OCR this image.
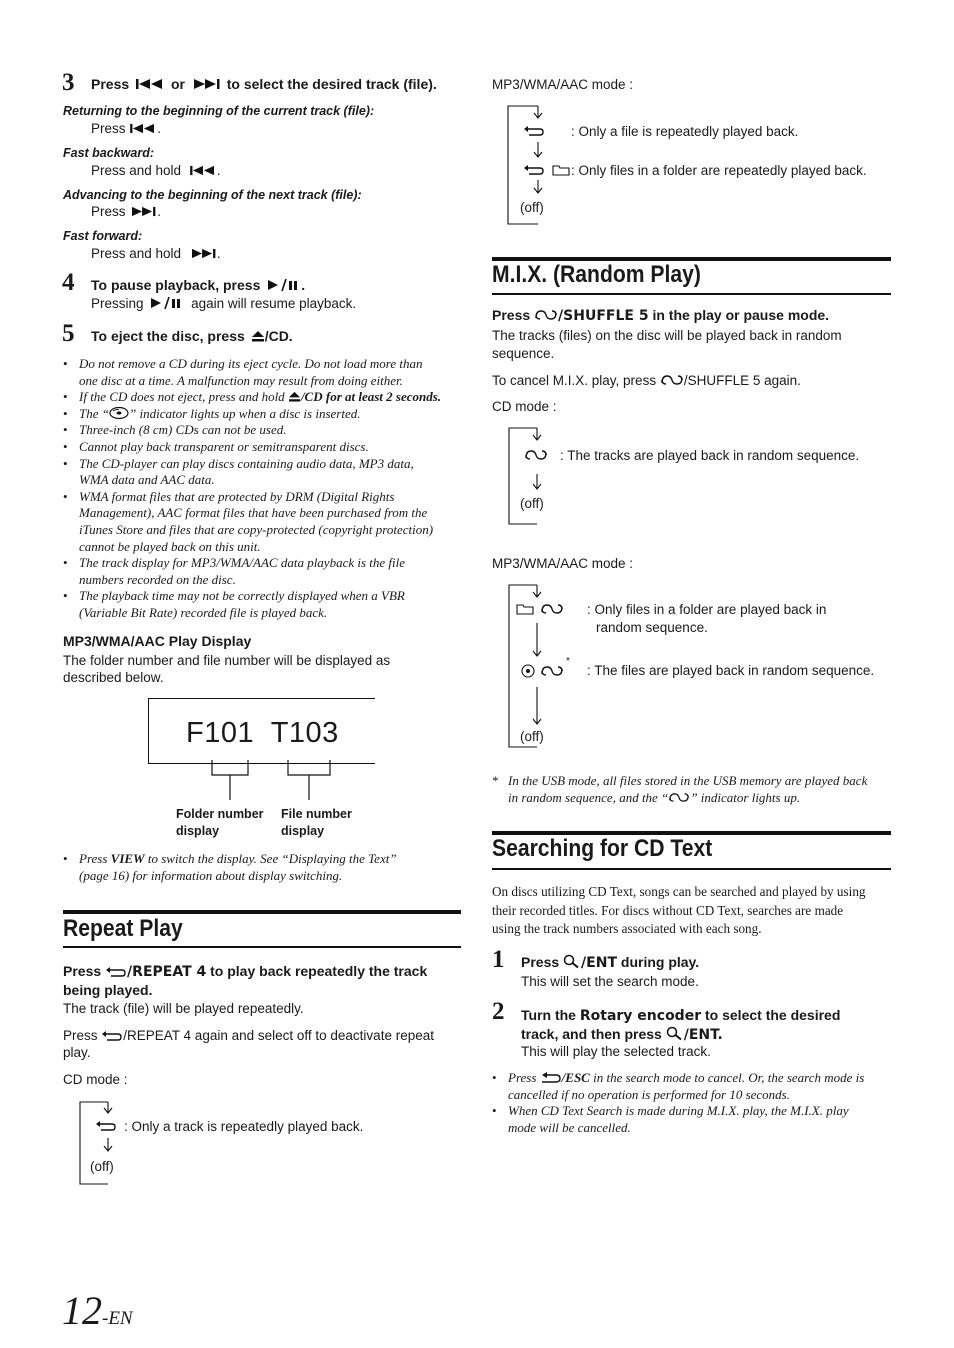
3 Press	or	to select the desired track (file).
Returning to the beginning of the current track (file):
Press .
Fast backward:
Press and hold	.
Advancing to the beginning of the next track (file):
Press .
Fast forward:
Press and hold	.
4 To pause playback, press	.
Pressing	again will resume playback.
5 To eject the disc, press /CD.
• Do not remove a CD during its eject cycle. Do not load more than
one disc at a time. A malfunction may result from doing either.
• If the CD does not eject, press and hold /CD for at least 2 seconds.
• The “ ” indicator lights up when a disc is inserted.
• Three-inch (8 cm) CDs can not be used.
• Cannot play back transparent or semitransparent discs.
• The CD-player can play discs containing audio data, MP3 data,
WMA data and AAC data.
• WMA format files that are protected by DRM (Digital Rights
Management), AAC format files that have been purchased from the
iTunes Store and files that are copy-protected (copyright protection)
cannot be played back on this unit.
• The track display for MP3/WMA/AAC data playback is the file
numbers recorded on the disc.
• The playback time may not be correctly displayed when a VBR
(Variable Bit Rate) recorded file is played back.
MP3/WMA/AAC Play Display
The folder number and file number will be displayed as
described below.
F101  T103
Folder number
display
File number
display
• Press VIEW to switch the display. See “Displaying the Text”
(page 16) for information about display switching.
Repeat Play
Press /REPEAT 4 to play back repeatedly the track
being played.
The track (file) will be played repeatedly.
Press /REPEAT 4 again and select off to deactivate repeat
play.
CD mode :
: Only a track is repeatedly played back.
(off)
MP3/WMA/AAC mode :
: Only a file is repeatedly played back.
: Only files in a folder are repeatedly played back.
(off)
M.I.X. (Random Play)
Press /SHUFFLE 5 in the play or pause mode.
The tracks (files) on the disc will be played back in random
sequence.
To cancel M.I.X. play, press /SHUFFLE 5 again.
CD mode :
: The tracks are played back in random sequence.
(off)
MP3/WMA/AAC mode :
: Only files in a folder are played back in
random sequence.
*
: The files are played back in random sequence.
(off)
* In the USB mode, all files stored in the USB memory are played back
in random sequence, and the “ ” indicator lights up.
Searching for CD Text
On discs utilizing CD Text, songs can be searched and played by using
their recorded titles. For discs without CD Text, searches are made
using the track numbers associated with each song.
1 Press /ENT during play.
This will set the search mode.
2 Turn the Rotary encoder to select the desired
track, and then press /ENT.
This will play the selected track.
• Press /ESC in the search mode to cancel. Or, the search mode is
cancelled if no operation is performed for 10 seconds.
• When CD Text Search is made during M.I.X. play, the M.I.X. play
mode will be cancelled.
12-EN
